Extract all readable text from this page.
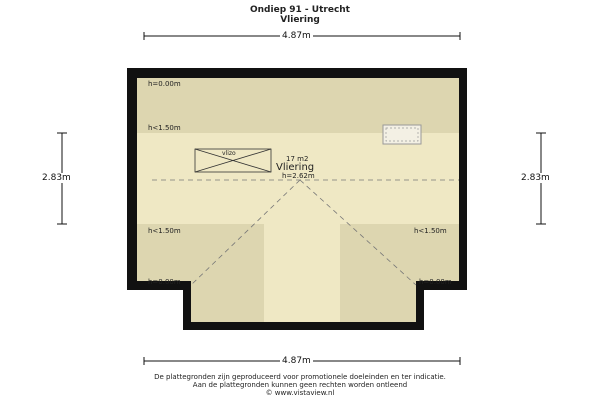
Ondiep 91 - Utrecht
Vliering
4.87m
4.87m
2.83m	2.83m
17 m2
Vliering
h=2.62m
vlizo
h=0.00m
h<1.50m
h<1.50m	h<1.50m
h=0.00m	h=0.00m
De plattegronden zijn geproduceerd voor promotionele doeleinden en ter indicatie.
Aan de plattegronden kunnen geen rechten worden ontleend
© www.vistaview.nl
